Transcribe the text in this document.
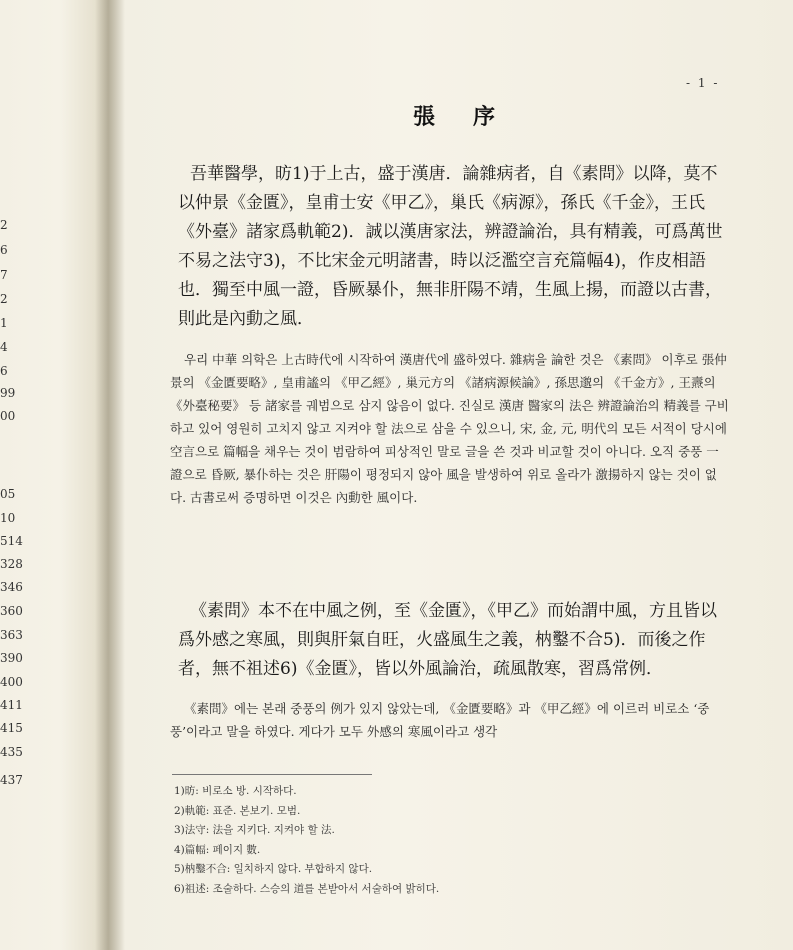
2
6
7
2
1
4
6
99
00
05
10
514
328
346
360
363
390
400
411
415
435
437
- 1 -
張序

吾華醫學，昉1)于上古，盛于漢唐．論雜病者，自《素問》以降，莫不以仲景《金匱》，皇甫士安《甲乙》，巢氏《病源》，孫氏《千金》，王氏《外臺》諸家爲軌範2)．誠以漢唐家法，辨證論治，具有精義，可爲萬世不易之法守3)，不比宋金元明諸書，時以泛濫空言充篇幅4)，作皮相語也．獨至中風一證，昏厥暴仆，無非肝陽不靖，生風上揚，而證以古書，則此是內動之風．

우리 中華 의학은 上古時代에 시작하여 漢唐代에 盛하였다. 雜病을 論한 것은 《素問》 이후로 張仲景의 《金匱要略》, 皇甫謐의 《甲乙經》, 巢元方의 《諸病源候論》, 孫思邈의 《千金方》, 王燾의 《外臺秘要》 등 諸家를 궤범으로 삼지 않음이 없다. 진실로 漢唐 醫家의 法은 辨證論治의 精義를 구비하고 있어 영원히 고치지 않고 지켜야 할 法으로 삼을 수 있으니, 宋, 金, 元, 明代의 모든 서적이 당시에 空言으로 篇幅을 채우는 것이 범람하여 피상적인 말로 글을 쓴 것과 비교할 것이 아니다. 오직 중풍 一證으로 昏厥, 暴仆하는 것은 肝陽이 평정되지 않아 風을 발생하여 위로 올라가 激揚하지 않는 것이 없다. 古書로써 증명하면 이것은 內動한 風이다.

《素問》本不在中風之例，至《金匱》，《甲乙》而始謂中風，方且皆以爲外感之寒風，則與肝氣自旺，火盛風生之義，枘鑿不合5)．而後之作者，無不祖述6)《金匱》，皆以外風論治，疏風散寒，習爲常例．

《素問》에는 본래 중풍의 例가 있지 않았는데, 《金匱要略》과 《甲乙經》에 이르러 비로소 ‘중풍’이라고 말을 하였다. 게다가 모두 外感의 寒風이라고 생각

1)昉: 비로소 방. 시작하다.
2)軌範: 표준. 본보기. 모범.
3)法守: 法을 지키다. 지켜야 할 法.
4)篇幅: 페이지 數.
5)枘鑿不合: 일치하지 않다. 부합하지 않다.
6)祖述: 조술하다. 스승의 道를 본받아서 서술하여 밝히다.
